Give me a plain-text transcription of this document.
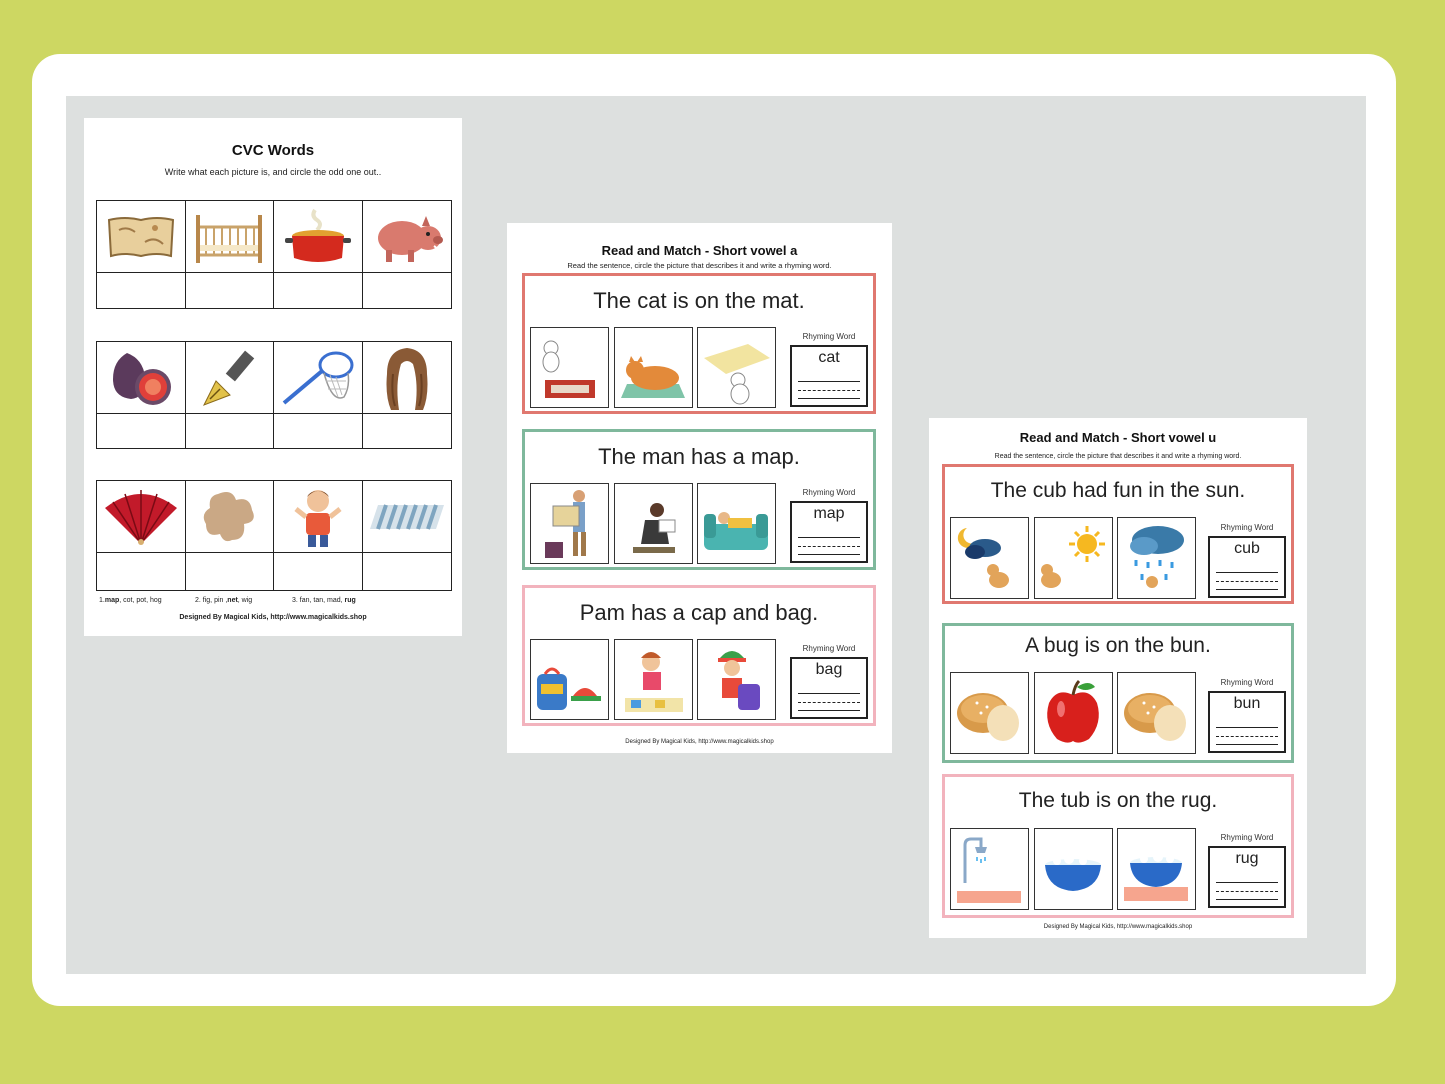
CVC Words
Write what each picture is, and circle the odd one out..
1.map, cot, pot, hog	2. fig, pin ,net, wig	3. fan, tan, mad, rug
Designed By Magical Kids, http://www.magicalkids.shop
Read and Match - Short vowel a
Read the sentence, circle the picture that describes it and write a rhyming word.
The cat is on the mat.
Rhyming Word
cat
The man has a map.
Rhyming Word
map
Pam has a cap and bag.
Rhyming Word
bag
Designed By Magical Kids, http://www.magicalkids.shop
Read and Match - Short vowel u
Read the sentence, circle the picture that describes it and write a rhyming word.
The cub had fun in the sun.
Rhyming Word
cub
A bug is on the bun.
Rhyming Word
bun
The tub is on the rug.
Rhyming Word
rug
Designed By Magical Kids, http://www.magicalkids.shop
